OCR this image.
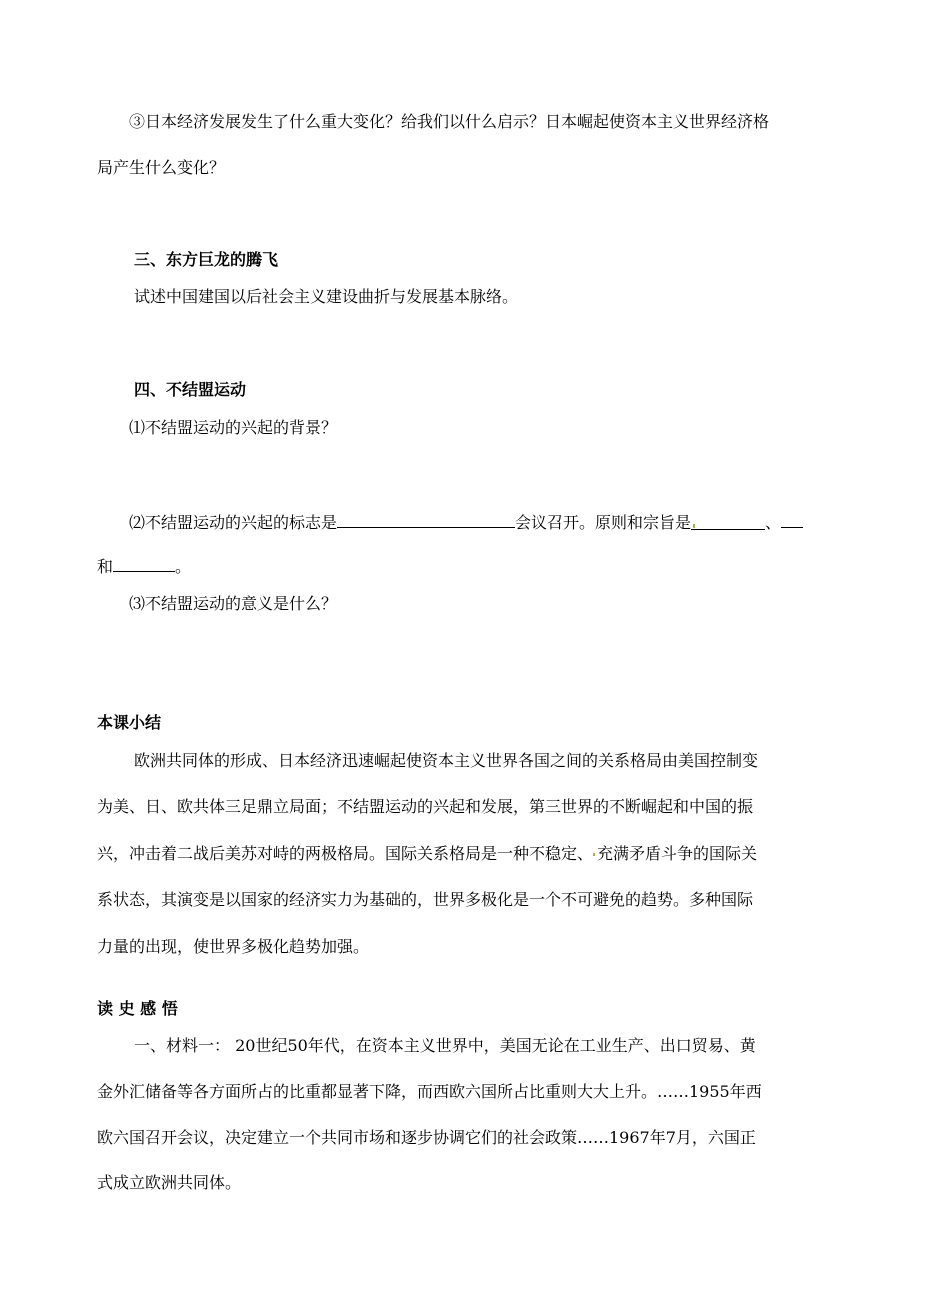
③日本经济发展发生了什么重大变化？给我们以什么启示？日本崛起使资本主义世界经济格
局产生什么变化？
三、东方巨龙的腾飞
试述中国建国以后社会主义建设曲折与发展基本脉络。
四、不结盟运动
⑴不结盟运动的兴起的背景？
⑵不结盟运动的兴起的标志是	会议召开。原则和宗旨是	、
和	。
⑶不结盟运动的意义是什么？
本课小结
欧洲共同体的形成、日本经济迅速崛起使资本主义世界各国之间的关系格局由美国控制变
为美、日、欧共体三足鼎立局面；不结盟运动的兴起和发展，第三世界的不断崛起和中国的振
兴，冲击着二战后美苏对峙的两极格局。国际关系格局是一种不稳定、 充满矛盾斗争的国际关
系状态，其演变是以国家的经济实力为基础的，世界多极化是一个不可避免的趋势。多种国际
力量的出现，使世界多极化趋势加强。
读 史 感 悟
一、材料一： 20世纪50年代，在资本主义世界中，美国无论在工业生产、出口贸易、黄
金外汇储备等各方面所占的比重都显著下降，而西欧六国所占比重则大大上升。……1955年西
欧六国召开会议，决定建立一个共同市场和逐步协调它们的社会政策……1967年7月，六国正
式成立欧洲共同体。
